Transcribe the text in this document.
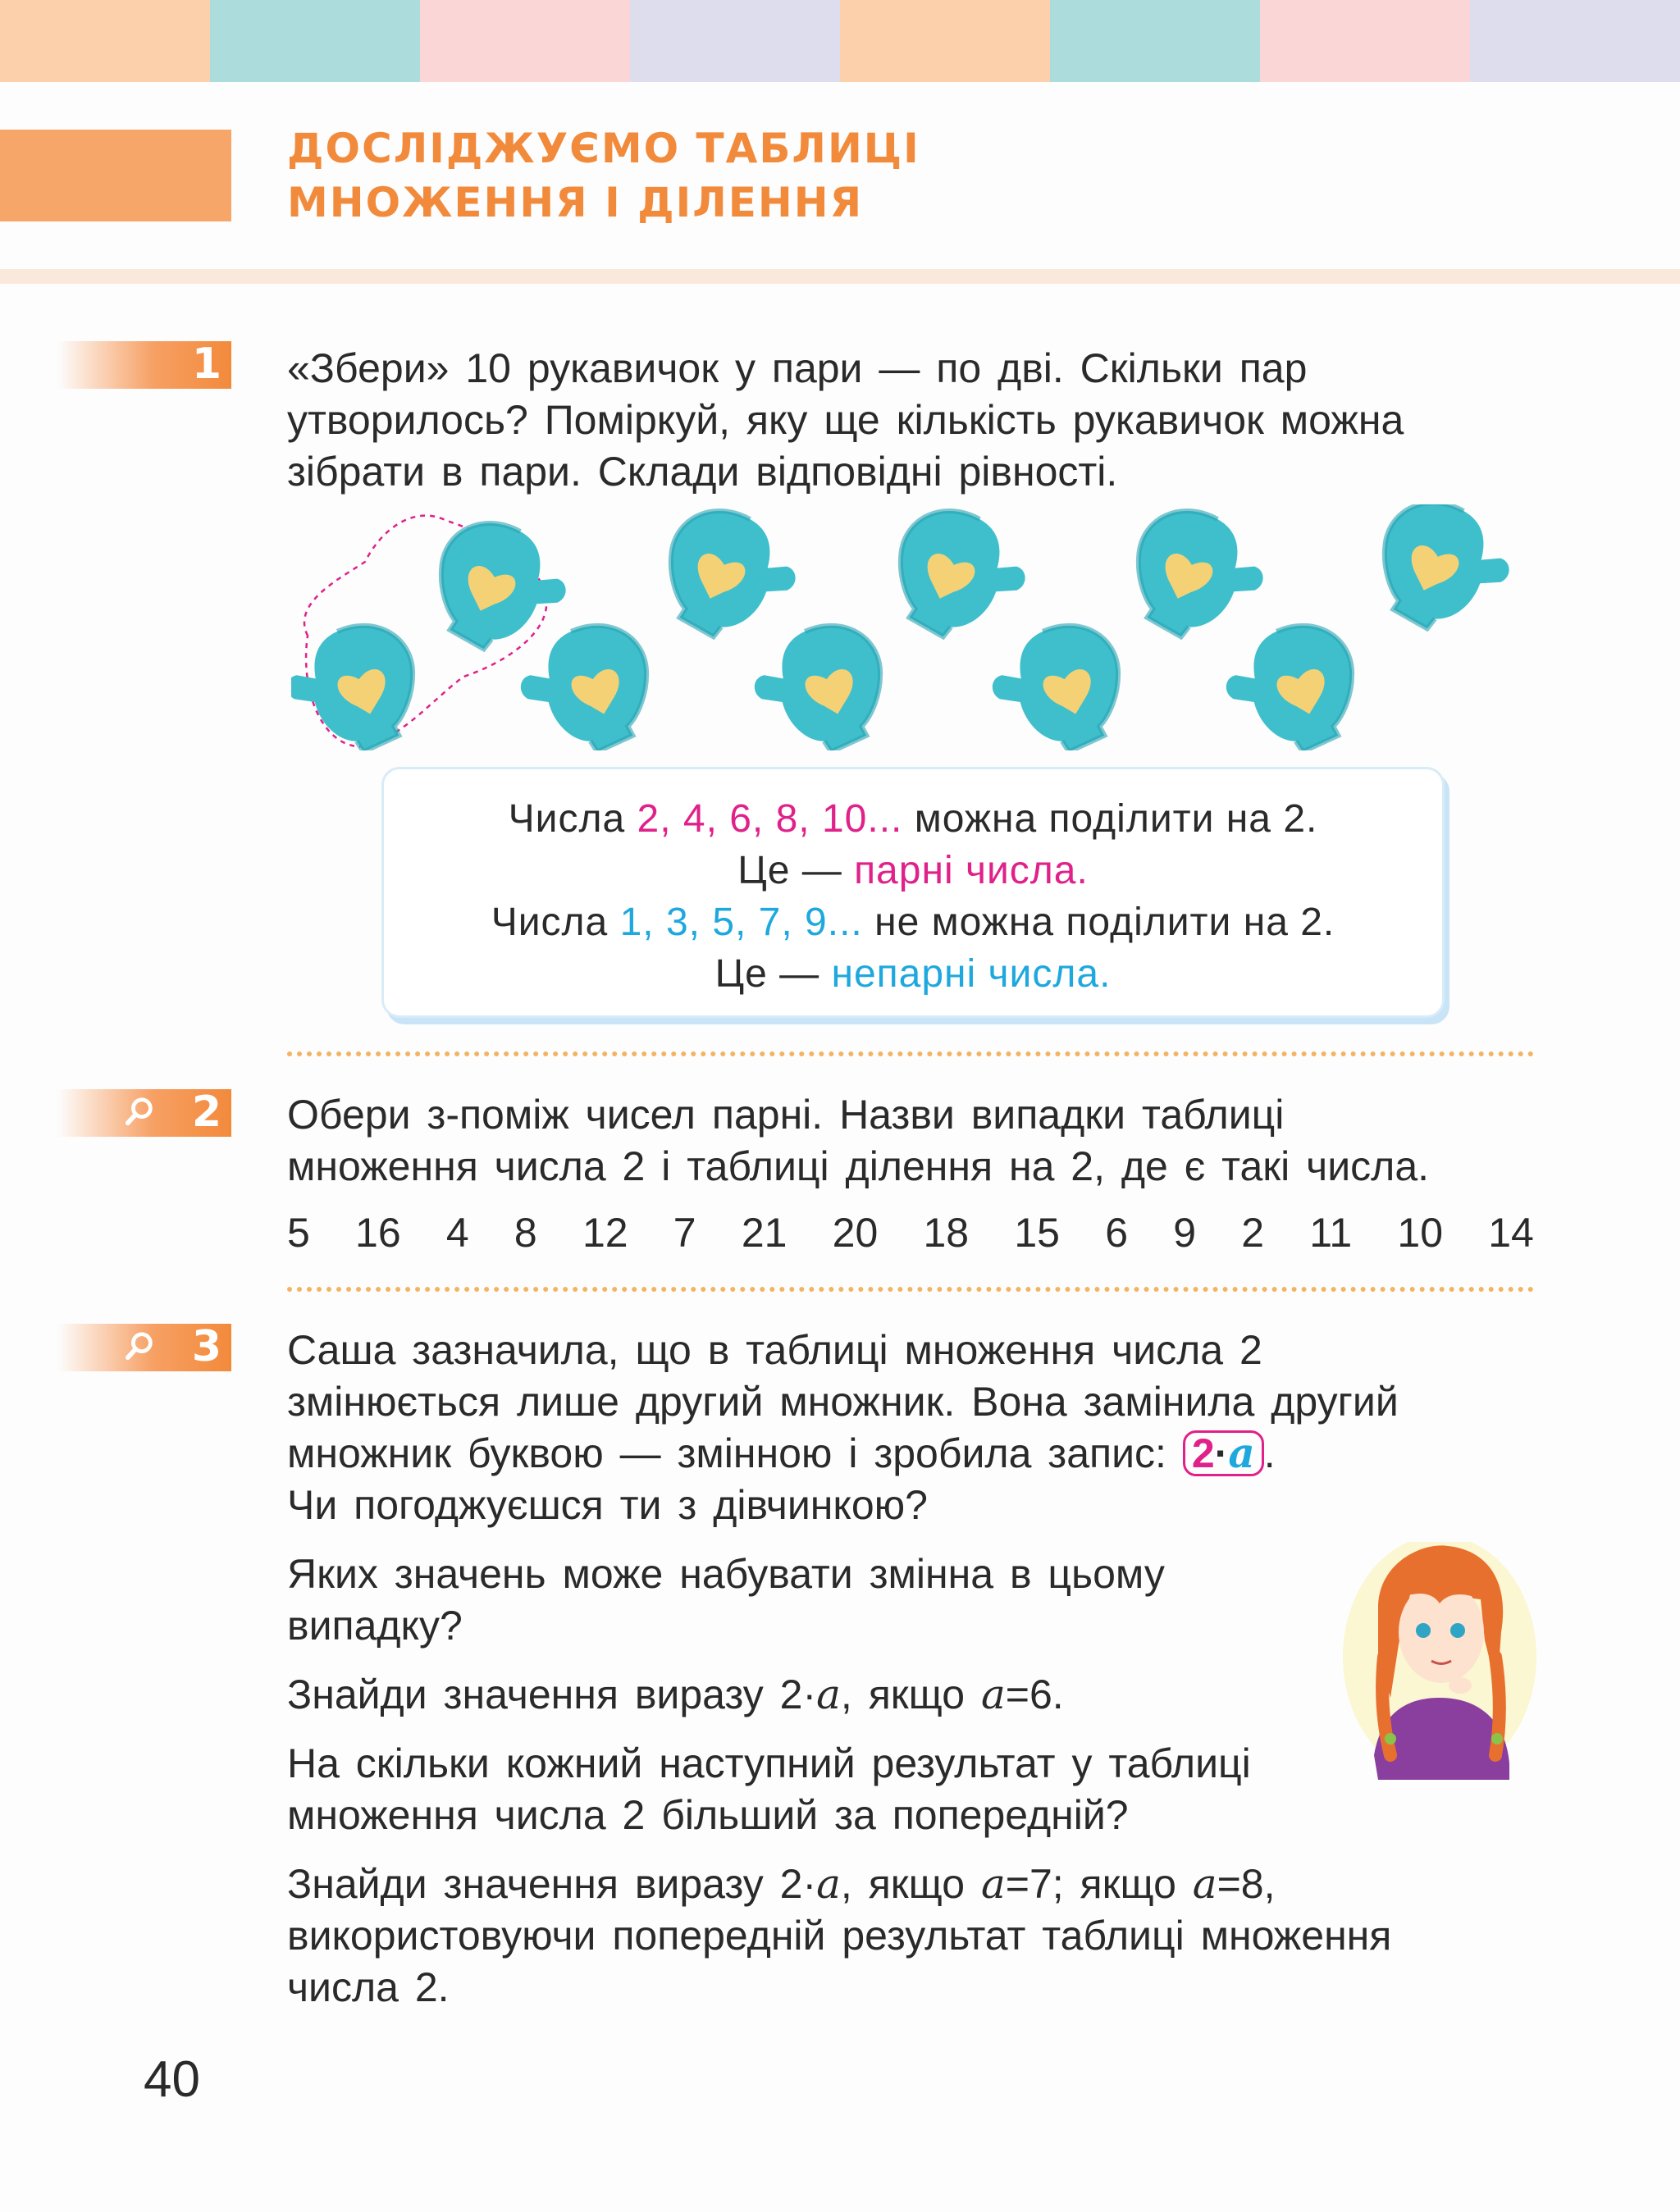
ДОСЛІДЖУЄМО ТАБЛИЦІ
МНОЖЕННЯ І ДІЛЕННЯ
1 «Збери» 10 рукавичок у пари — по дві. Скільки пар

утворилось? Поміркуй, яку ще кількість рукавичок можна

зібрати в пари. Склади відповідні рівності.

Числа 2, 4, 6, 8, 10... можна поділити на 2.
Це — парні числа.
Числа 1, 3, 5, 7, 9... не можна поділити на 2.
Це — непарні числа.
2 Обери з-поміж чисел парні. Назви випадки таблиці

множення числа 2 і таблиці ділення на 2, де є такі числа.

5 16 4 8 12 7 21 20 18 15 6 9 2 11 10 14
3 Саша зазначила, що в таблиці множення числа 2

змінюється лише другий множник. Вона замінила другий

множник буквою — змінною і зробила запис: 2·a .

Чи погоджуєшся ти з дівчинкою?

Яких значень може набувати змінна в цьому

випадку?

Знайди значення виразу 2·a, якщо a=6.

На скільки кожний наступний результат у таблиці

множення числа 2 більший за попередній?

Знайди значення виразу 2·a, якщо a=7; якщо a=8,

використовуючи попередній результат таблиці множення

числа 2.

40
